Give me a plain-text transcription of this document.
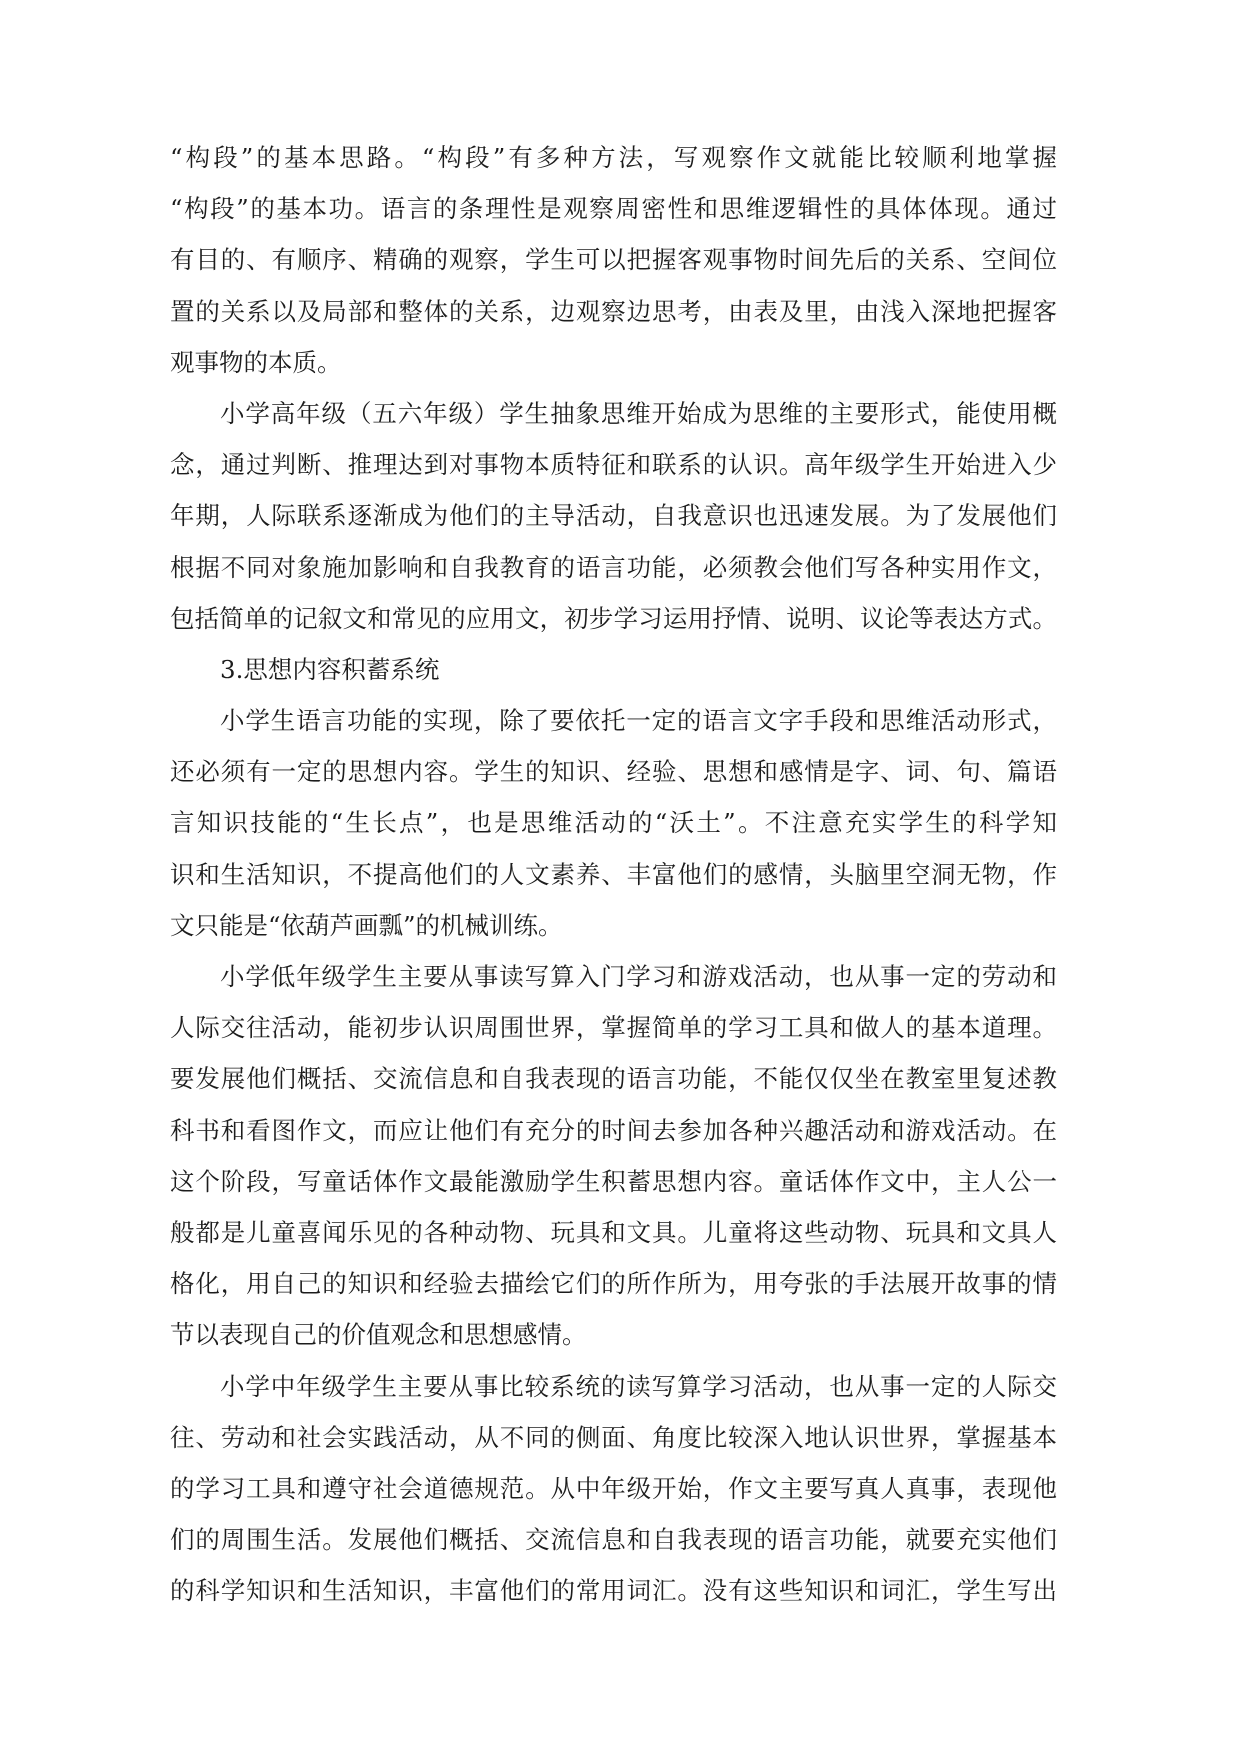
“构段”的基本思路。“构段”有多种方法，写观察作文就能比较顺利地掌握
“构段”的基本功。语言的条理性是观察周密性和思维逻辑性的具体体现。通过
有目的、有顺序、精确的观察，学生可以把握客观事物时间先后的关系、空间位
置的关系以及局部和整体的关系，边观察边思考，由表及里，由浅入深地把握客
观事物的本质。
小学高年级（五六年级）学生抽象思维开始成为思维的主要形式，能使用概
念，通过判断、推理达到对事物本质特征和联系的认识。高年级学生开始进入少
年期，人际联系逐渐成为他们的主导活动，自我意识也迅速发展。为了发展他们
根据不同对象施加影响和自我教育的语言功能，必须教会他们写各种实用作文，
包括简单的记叙文和常见的应用文，初步学习运用抒情、说明、议论等表达方式。
3.思想内容积蓄系统
小学生语言功能的实现，除了要依托一定的语言文字手段和思维活动形式，
还必须有一定的思想内容。学生的知识、经验、思想和感情是字、词、句、篇语
言知识技能的“生长点”，也是思维活动的“沃土”。不注意充实学生的科学知
识和生活知识，不提高他们的人文素养、丰富他们的感情，头脑里空洞无物，作
文只能是“依葫芦画瓢”的机械训练。
小学低年级学生主要从事读写算入门学习和游戏活动，也从事一定的劳动和
人际交往活动，能初步认识周围世界，掌握简单的学习工具和做人的基本道理。
要发展他们概括、交流信息和自我表现的语言功能，不能仅仅坐在教室里复述教
科书和看图作文，而应让他们有充分的时间去参加各种兴趣活动和游戏活动。在
这个阶段，写童话体作文最能激励学生积蓄思想内容。童话体作文中，主人公一
般都是儿童喜闻乐见的各种动物、玩具和文具。儿童将这些动物、玩具和文具人
格化，用自己的知识和经验去描绘它们的所作所为，用夸张的手法展开故事的情
节以表现自己的价值观念和思想感情。
小学中年级学生主要从事比较系统的读写算学习活动，也从事一定的人际交
往、劳动和社会实践活动，从不同的侧面、角度比较深入地认识世界，掌握基本
的学习工具和遵守社会道德规范。从中年级开始，作文主要写真人真事，表现他
们的周围生活。发展他们概括、交流信息和自我表现的语言功能，就要充实他们
的科学知识和生活知识，丰富他们的常用词汇。没有这些知识和词汇，学生写出
